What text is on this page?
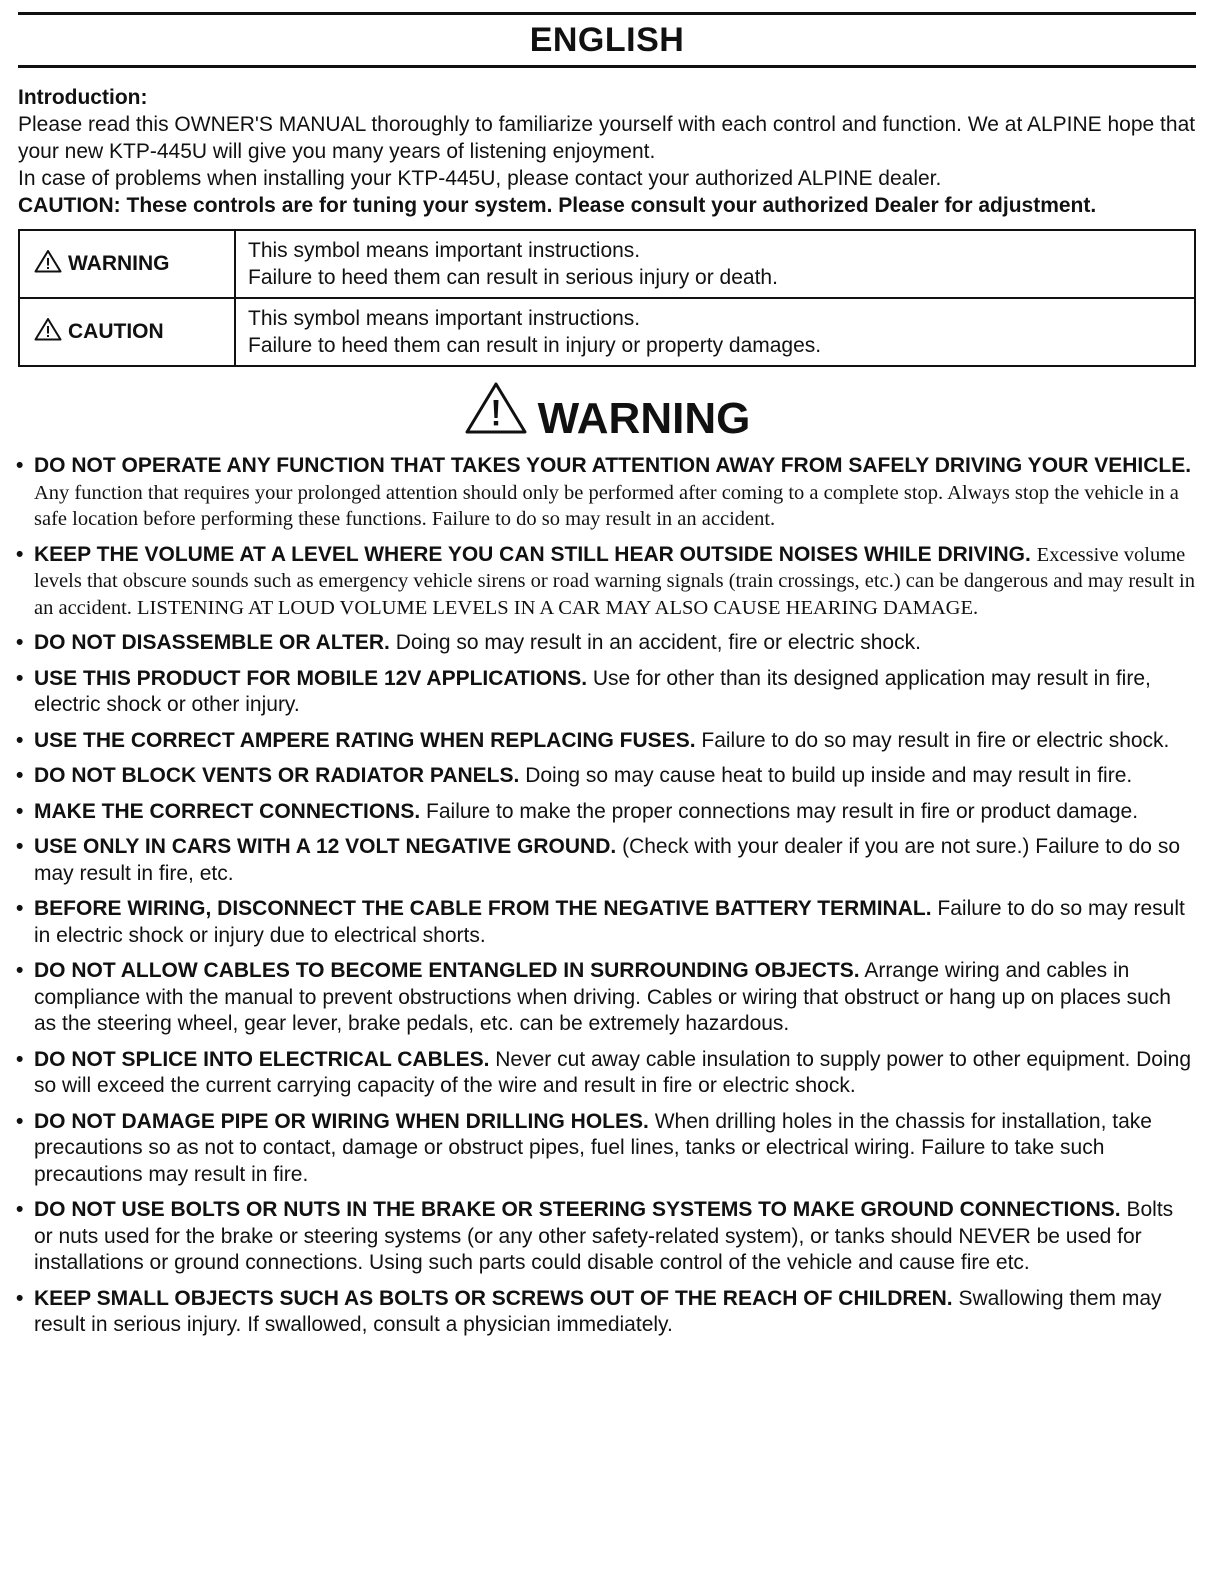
ENGLISH

Introduction:

Please read this OWNER'S MANUAL thoroughly to familiarize yourself with each control and function. We at ALPINE hope that your new KTP-445U will give you many years of listening enjoyment.

In case of problems when installing your KTP-445U, please contact your authorized ALPINE dealer.

CAUTION: These controls are for tuning your system. Please consult your authorized Dealer for adjustment.

WARNING	This symbol means important instructions.
Failure to heed them can result in serious injury or death.

CAUTION	This symbol means important instructions.
Failure to heed them can result in injury or property damages.
WARNING
• DO NOT OPERATE ANY FUNCTION THAT TAKES YOUR ATTENTION AWAY FROM SAFELY DRIVING YOUR VEHICLE. Any function that requires your prolonged attention should only be performed after coming to a complete stop. Always stop the vehicle in a safe location before performing these functions. Failure to do so may result in an accident.
• KEEP THE VOLUME AT A LEVEL WHERE YOU CAN STILL HEAR OUTSIDE NOISES WHILE DRIVING. Excessive volume levels that obscure sounds such as emergency vehicle sirens or road warning signals (train crossings, etc.) can be dangerous and may result in an accident. LISTENING AT LOUD VOLUME LEVELS IN A CAR MAY ALSO CAUSE HEARING DAMAGE.
• DO NOT DISASSEMBLE OR ALTER. Doing so may result in an accident, fire or electric shock.
• USE THIS PRODUCT FOR MOBILE 12V APPLICATIONS. Use for other than its designed application may result in fire, electric shock or other injury.
• USE THE CORRECT AMPERE RATING WHEN REPLACING FUSES. Failure to do so may result in fire or electric shock.
• DO NOT BLOCK VENTS OR RADIATOR PANELS. Doing so may cause heat to build up inside and may result in fire.
• MAKE THE CORRECT CONNECTIONS. Failure to make the proper connections may result in fire or product damage.
• USE ONLY IN CARS WITH A 12 VOLT NEGATIVE GROUND. (Check with your dealer if you are not sure.) Failure to do so may result in fire, etc.
• BEFORE WIRING, DISCONNECT THE CABLE FROM THE NEGATIVE BATTERY TERMINAL. Failure to do so may result in electric shock or injury due to electrical shorts.
• DO NOT ALLOW CABLES TO BECOME ENTANGLED IN SURROUNDING OBJECTS. Arrange wiring and cables in compliance with the manual to prevent obstructions when driving. Cables or wiring that obstruct or hang up on places such as the steering wheel, gear lever, brake pedals, etc. can be extremely hazardous.
• DO NOT SPLICE INTO ELECTRICAL CABLES. Never cut away cable insulation to supply power to other equipment. Doing so will exceed the current carrying capacity of the wire and result in fire or electric shock.
• DO NOT DAMAGE PIPE OR WIRING WHEN DRILLING HOLES. When drilling holes in the chassis for installation, take precautions so as not to contact, damage or obstruct pipes, fuel lines, tanks or electrical wiring. Failure to take such precautions may result in fire.
• DO NOT USE BOLTS OR NUTS IN THE BRAKE OR STEERING SYSTEMS TO MAKE GROUND CONNECTIONS. Bolts or nuts used for the brake or steering systems (or any other safety-related system), or tanks should NEVER be used for installations or ground connections. Using such parts could disable control of the vehicle and cause fire etc.
• KEEP SMALL OBJECTS SUCH AS BOLTS OR SCREWS OUT OF THE REACH OF CHILDREN. Swallowing them may result in serious injury. If swallowed, consult a physician immediately.
